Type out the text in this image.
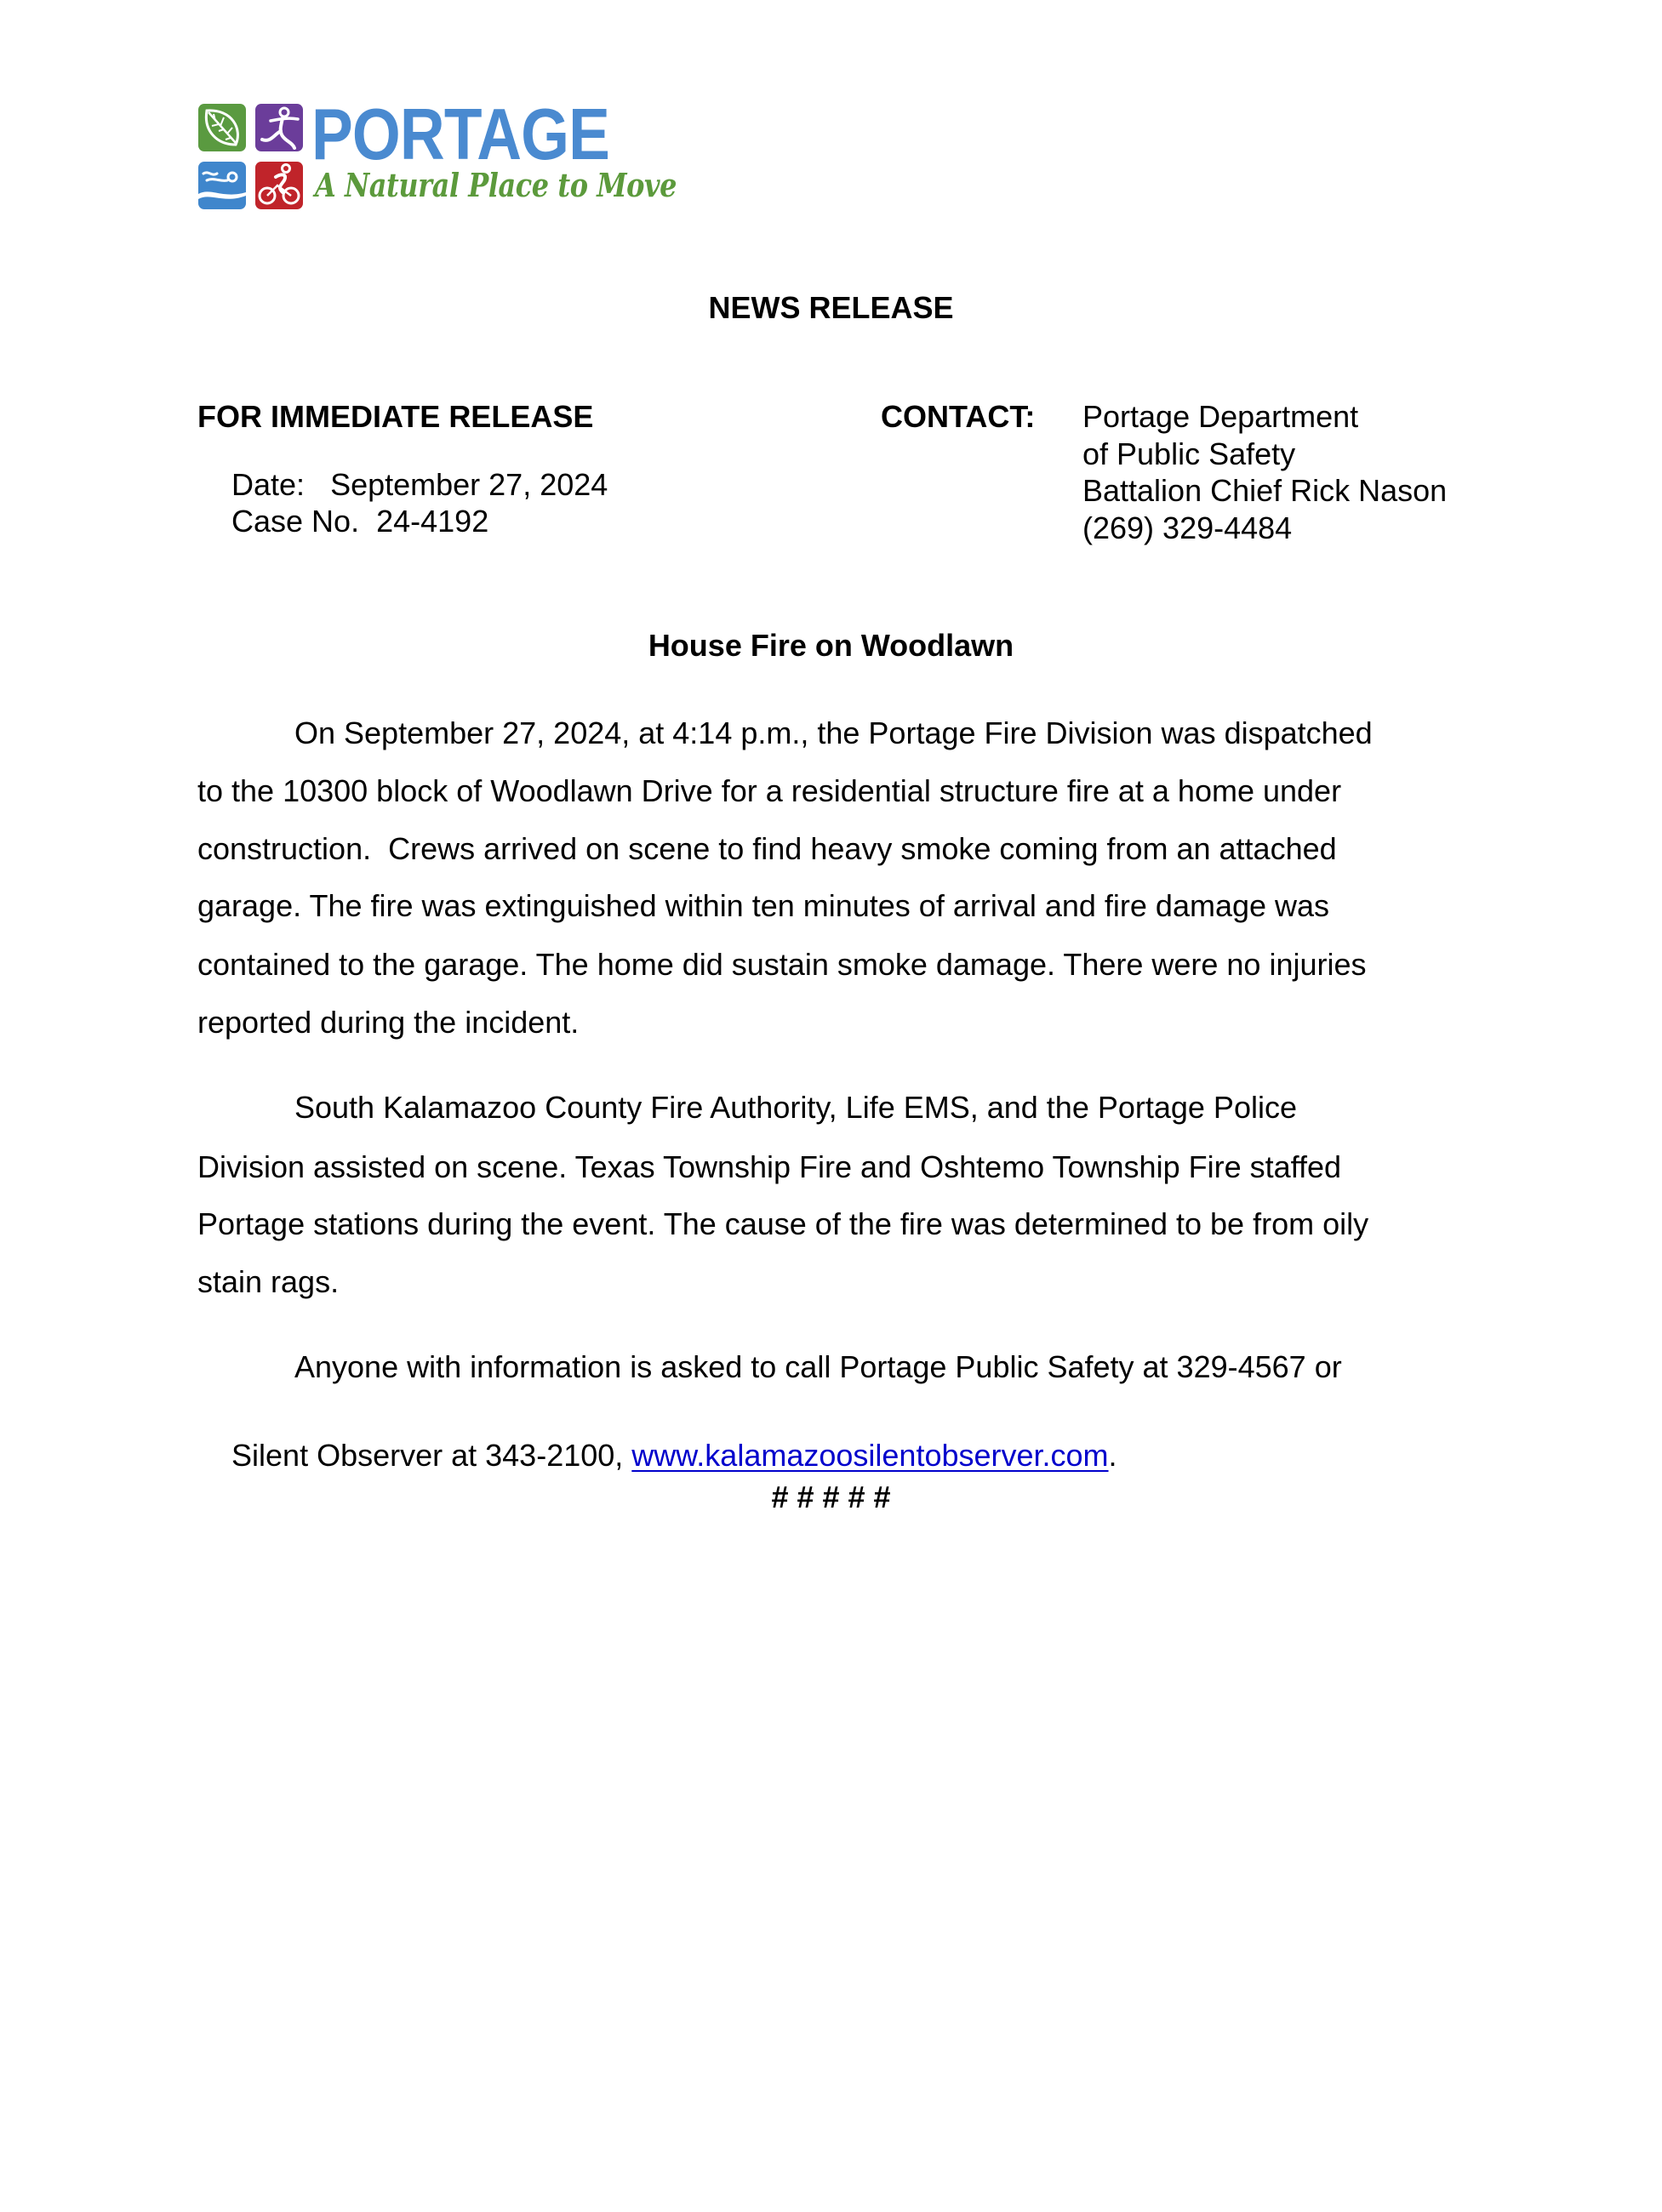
PORTAGE
A Natural Place to Move
NEWS RELEASE
FOR IMMEDIATE RELEASE

Date: September 27, 2024

Case No. 24-4192

CONTACT: Portage Department
of Public Safety
Battalion Chief Rick Nason
(269) 329-4484
House Fire on Woodlawn
On September 27, 2024, at 4:14 p.m., the Portage Fire Division was dispatched
to the 10300 block of Woodlawn Drive for a residential structure fire at a home under
construction.  Crews arrived on scene to find heavy smoke coming from an attached
garage. The fire was extinguished within ten minutes of arrival and fire damage was
contained to the garage. The home did sustain smoke damage. There were no injuries
reported during the incident.
South Kalamazoo County Fire Authority, Life EMS, and the Portage Police
Division assisted on scene. Texas Township Fire and Oshtemo Township Fire staffed
Portage stations during the event. The cause of the fire was determined to be from oily
stain rags.
Anyone with information is asked to call Portage Public Safety at 329-4567 or

Silent Observer at 343-2100, www.kalamazoosilentobserver.com.

# # # # #
